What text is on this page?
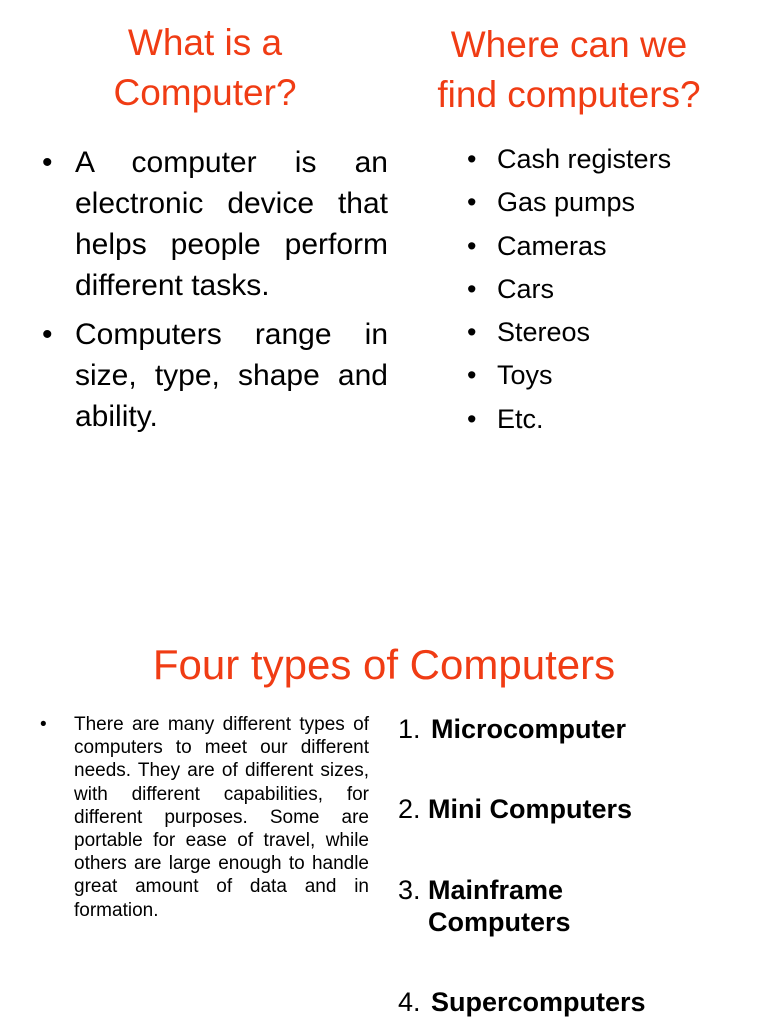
What is a
Computer?
Where can we
find computers?
• A computer is an electronic device that helps people perform different tasks.
• Computers range in size, type, shape and ability.
• Cash registers
• Gas pumps
• Cameras
• Cars
• Stereos
• Toys
• Etc.
Four types of Computers
• There are many different types of computers to meet our different needs. They are of different sizes, with different capabilities, for different purposes. Some are portable for ease of travel, while others are large enough to handle great amount of data and in formation.
1. Microcomputer
2. Mini Computers
3. Mainframe
Computers
4. Supercomputers
